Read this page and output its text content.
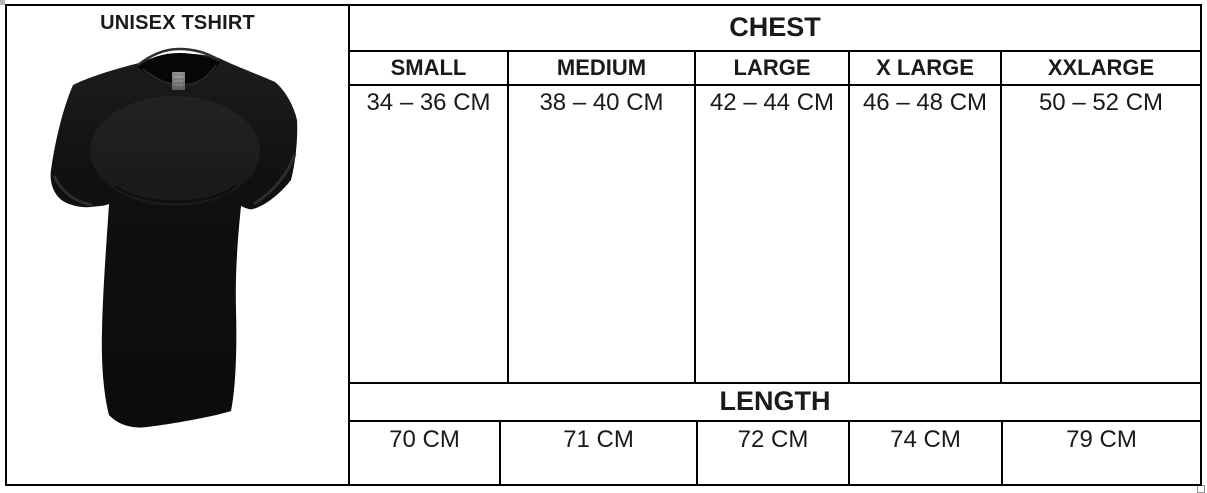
UNISEX TSHIRT	CHEST
SMALL	MEDIUM	LARGE	X LARGE	XXLARGE
34 – 36 CM	38 – 40 CM	42 – 44 CM	46 – 48 CM	50 – 52 CM
LENGTH
70 CM	71 CM	72 CM	74 CM	79 CM
